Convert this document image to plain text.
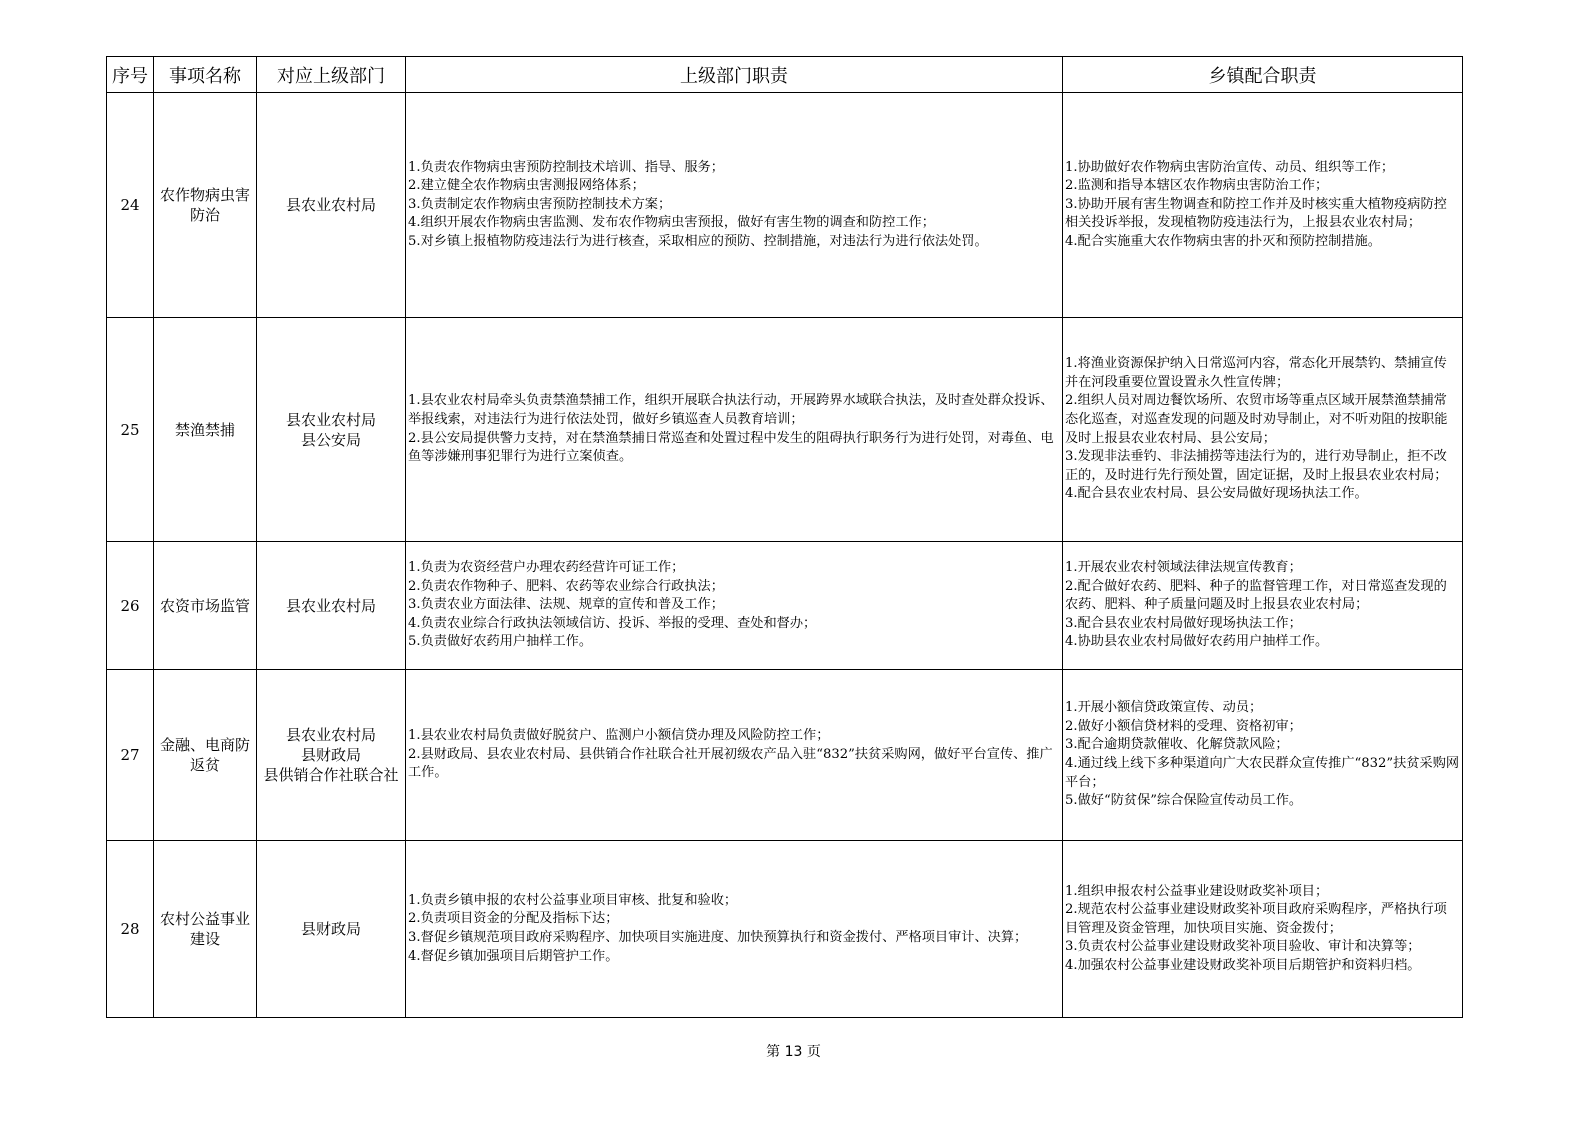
序号	事项名称	对应上级部门	上级部门职责	乡镇配合职责
24	农作物病虫害防治	县农业农村局	1.负责农作物病虫害预防控制技术培训、指导、服务；
2.建立健全农作物病虫害测报网络体系；
3.负责制定农作物病虫害预防控制技术方案；
4.组织开展农作物病虫害监测、发布农作物病虫害预报，做好有害生物的调查和防控工作；
5.对乡镇上报植物防疫违法行为进行核查，采取相应的预防、控制措施，对违法行为进行依法处罚。	1.协助做好农作物病虫害防治宣传、动员、组织等工作；
2.监测和指导本辖区农作物病虫害防治工作；
3.协助开展有害生物调查和防控工作并及时核实重大植物疫病防控相关投诉举报，发现植物防疫违法行为，上报县农业农村局；
4.配合实施重大农作物病虫害的扑灭和预防控制措施。

25	禁渔禁捕	县农业农村局
县公安局	1.县农业农村局牵头负责禁渔禁捕工作，组织开展联合执法行动，开展跨界水域联合执法，及时查处群众投诉、举报线索，对违法行为进行依法处罚，做好乡镇巡查人员教育培训；
2.县公安局提供警力支持，对在禁渔禁捕日常巡查和处置过程中发生的阻碍执行职务行为进行处罚，对毒鱼、电鱼等涉嫌刑事犯罪行为进行立案侦查。	1.将渔业资源保护纳入日常巡河内容，常态化开展禁钓、禁捕宣传并在河段重要位置设置永久性宣传牌；
2.组织人员对周边餐饮场所、农贸市场等重点区域开展禁渔禁捕常态化巡查，对巡查发现的问题及时劝导制止，对不听劝阻的按职能及时上报县农业农村局、县公安局；
3.发现非法垂钓、非法捕捞等违法行为的，进行劝导制止，拒不改正的，及时进行先行预处置，固定证据，及时上报县农业农村局；
4.配合县农业农村局、县公安局做好现场执法工作。

26	农资市场监管	县农业农村局	1.负责为农资经营户办理农药经营许可证工作；
2.负责农作物种子、肥料、农药等农业综合行政执法；
3.负责农业方面法律、法规、规章的宣传和普及工作；
4.负责农业综合行政执法领域信访、投诉、举报的受理、查处和督办；
5.负责做好农药用户抽样工作。	1.开展农业农村领域法律法规宣传教育；
2.配合做好农药、肥料、种子的监督管理工作，对日常巡查发现的农药、肥料、种子质量问题及时上报县农业农村局；
3.配合县农业农村局做好现场执法工作；
4.协助县农业农村局做好农药用户抽样工作。

27	金融、电商防返贫	县农业农村局
县财政局
县供销合作社联合社	1.县农业农村局负责做好脱贫户、监测户小额信贷办理及风险防控工作；
2.县财政局、县农业农村局、县供销合作社联合社开展初级农产品入驻“832”扶贫采购网，做好平台宣传、推广工作。	1.开展小额信贷政策宣传、动员；
2.做好小额信贷材料的受理、资格初审；
3.配合逾期贷款催收、化解贷款风险；
4.通过线上线下多种渠道向广大农民群众宣传推广“832”扶贫采购网平台；
5.做好“防贫保”综合保险宣传动员工作。

28	农村公益事业建设	县财政局	1.负责乡镇申报的农村公益事业项目审核、批复和验收；
2.负责项目资金的分配及指标下达；
3.督促乡镇规范项目政府采购程序、加快项目实施进度、加快预算执行和资金拨付、严格项目审计、决算；
4.督促乡镇加强项目后期管护工作。	1.组织申报农村公益事业建设财政奖补项目；
2.规范农村公益事业建设财政奖补项目政府采购程序，严格执行项目管理及资金管理，加快项目实施、资金拨付；
3.负责农村公益事业建设财政奖补项目验收、审计和决算等；
4.加强农村公益事业建设财政奖补项目后期管护和资料归档。
第 13 页
